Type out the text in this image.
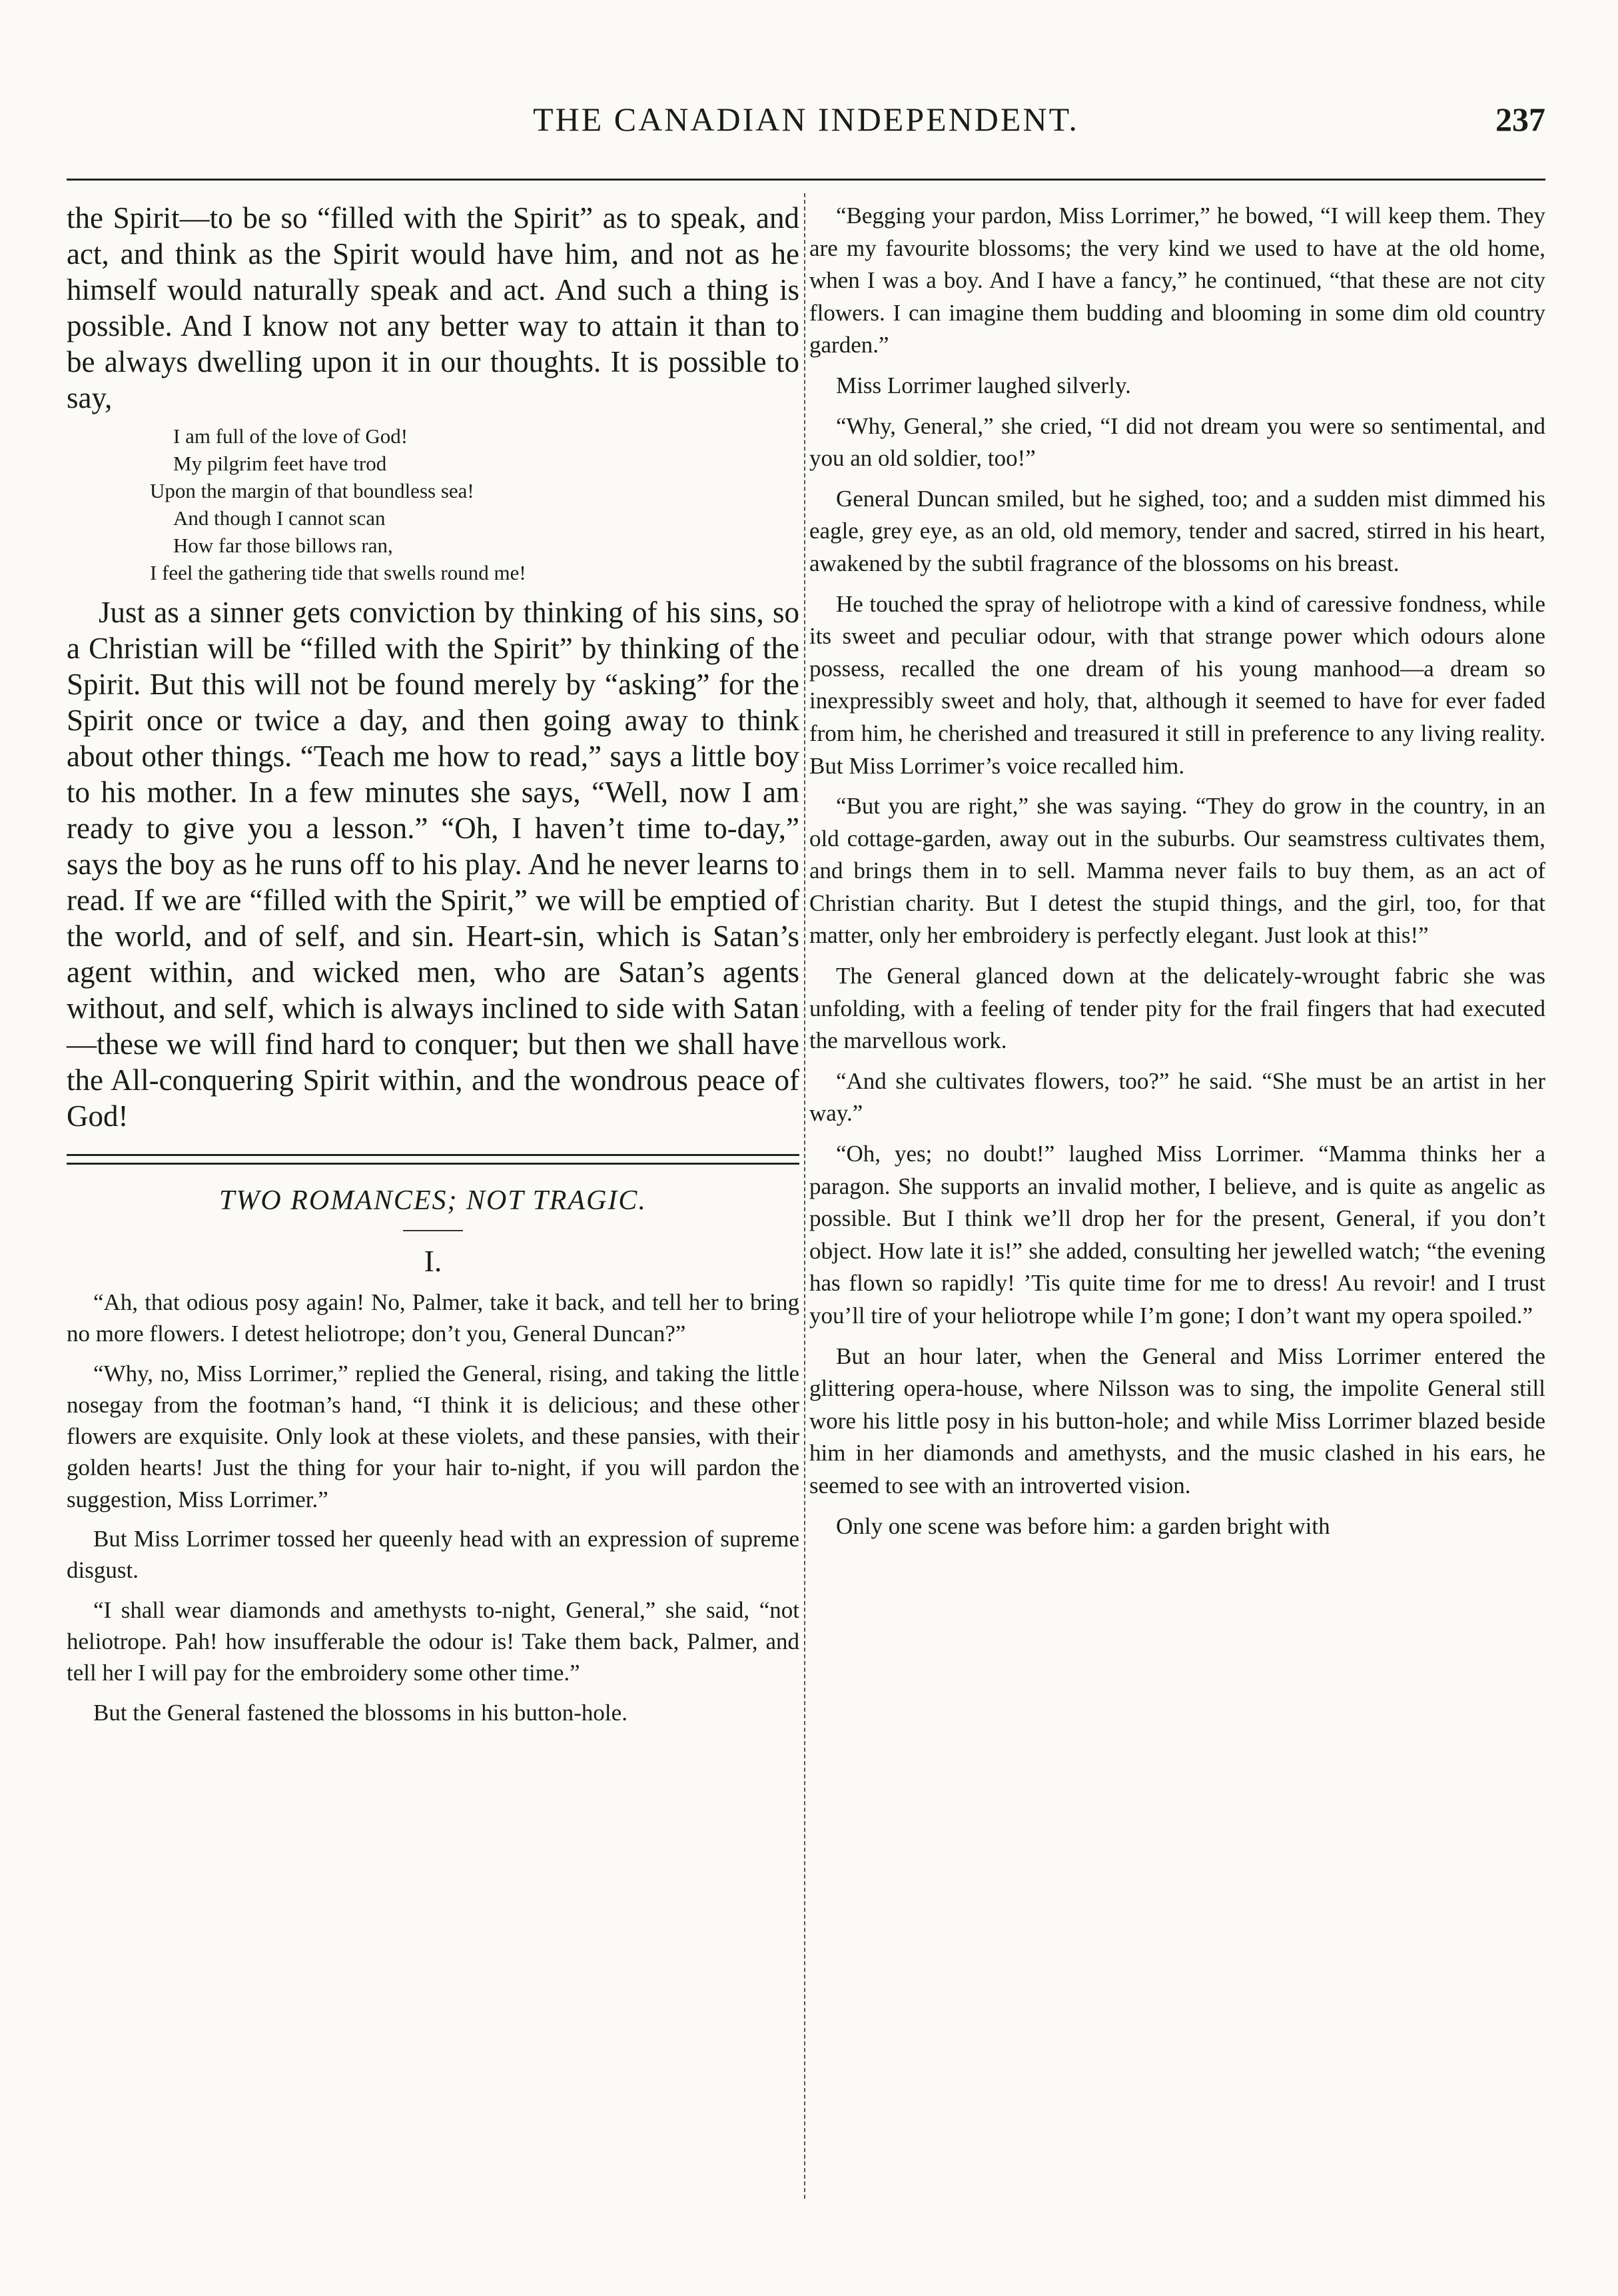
THE CANADIAN INDEPENDENT.	237

the Spirit—to be so “filled with the Spirit” as to speak, and act, and think as the Spirit would have him, and not as he himself would naturally speak and act. And such a thing is possible. And I know not any better way to attain it than to be always dwelling upon it in our thoughts. It is possible to say,

I am full of the love of God!
My pilgrim feet have trod
Upon the margin of that boundless sea!
And though I cannot scan
How far those billows ran,
I feel the gathering tide that swells round me!

Just as a sinner gets conviction by thinking of his sins, so a Christian will be “filled with the Spirit” by thinking of the Spirit. But this will not be found merely by “asking” for the Spirit once or twice a day, and then going away to think about other things. “Teach me how to read,” says a little boy to his mother. In a few minutes she says, “Well, now I am ready to give you a lesson.” “Oh, I haven’t time to-day,” says the boy as he runs off to his play. And he never learns to read. If we are “filled with the Spirit,” we will be emptied of the world, and of self, and sin. Heart-sin, which is Satan’s agent within, and wicked men, who are Satan’s agents without, and self, which is always inclined to side with Satan—these we will find hard to conquer; but then we shall have the All-conquering Spirit within, and the wondrous peace of God!

TWO ROMANCES; NOT TRAGIC.
I.

“Ah, that odious posy again! No, Palmer, take it back, and tell her to bring no more flowers. I detest heliotrope; don’t you, General Duncan?”

“Why, no, Miss Lorrimer,” replied the General, rising, and taking the little nosegay from the footman’s hand, “I think it is delicious; and these other flowers are exquisite. Only look at these violets, and these pansies, with their golden hearts! Just the thing for your hair to-night, if you will pardon the suggestion, Miss Lorrimer.”

But Miss Lorrimer tossed her queenly head with an expression of supreme disgust.

“I shall wear diamonds and amethysts to-night, General,” she said, “not heliotrope. Pah! how insufferable the odour is! Take them back, Palmer, and tell her I will pay for the embroidery some other time.”

But the General fastened the blossoms in his button-hole.

“Begging your pardon, Miss Lorrimer,” he bowed, “I will keep them. They are my favourite blossoms; the very kind we used to have at the old home, when I was a boy. And I have a fancy,” he continued, “that these are not city flowers. I can imagine them budding and blooming in some dim old country garden.”

Miss Lorrimer laughed silverly.

“Why, General,” she cried, “I did not dream you were so sentimental, and you an old soldier, too!”

General Duncan smiled, but he sighed, too; and a sudden mist dimmed his eagle, grey eye, as an old, old memory, tender and sacred, stirred in his heart, awakened by the subtil fragrance of the blossoms on his breast.

He touched the spray of heliotrope with a kind of caressive fondness, while its sweet and peculiar odour, with that strange power which odours alone possess, recalled the one dream of his young manhood—a dream so inexpressibly sweet and holy, that, although it seemed to have for ever faded from him, he cherished and treasured it still in preference to any living reality. But Miss Lorrimer’s voice recalled him.

“But you are right,” she was saying. “They do grow in the country, in an old cottage-garden, away out in the suburbs. Our seamstress cultivates them, and brings them in to sell. Mamma never fails to buy them, as an act of Christian charity. But I detest the stupid things, and the girl, too, for that matter, only her embroidery is perfectly elegant. Just look at this!”

The General glanced down at the delicately-wrought fabric she was unfolding, with a feeling of tender pity for the frail fingers that had executed the marvellous work.

“And she cultivates flowers, too?” he said. “She must be an artist in her way.”

“Oh, yes; no doubt!” laughed Miss Lorrimer. “Mamma thinks her a paragon. She supports an invalid mother, I believe, and is quite as angelic as possible. But I think we’ll drop her for the present, General, if you don’t object. How late it is!” she added, consulting her jewelled watch; “the evening has flown so rapidly! ’Tis quite time for me to dress! Au revoir! and I trust you’ll tire of your heliotrope while I’m gone; I don’t want my opera spoiled.”

But an hour later, when the General and Miss Lorrimer entered the glittering opera-house, where Nilsson was to sing, the impolite General still wore his little posy in his button-hole; and while Miss Lorrimer blazed beside him in her diamonds and amethysts, and the music clashed in his ears, he seemed to see with an introverted vision.

Only one scene was before him: a garden bright with
